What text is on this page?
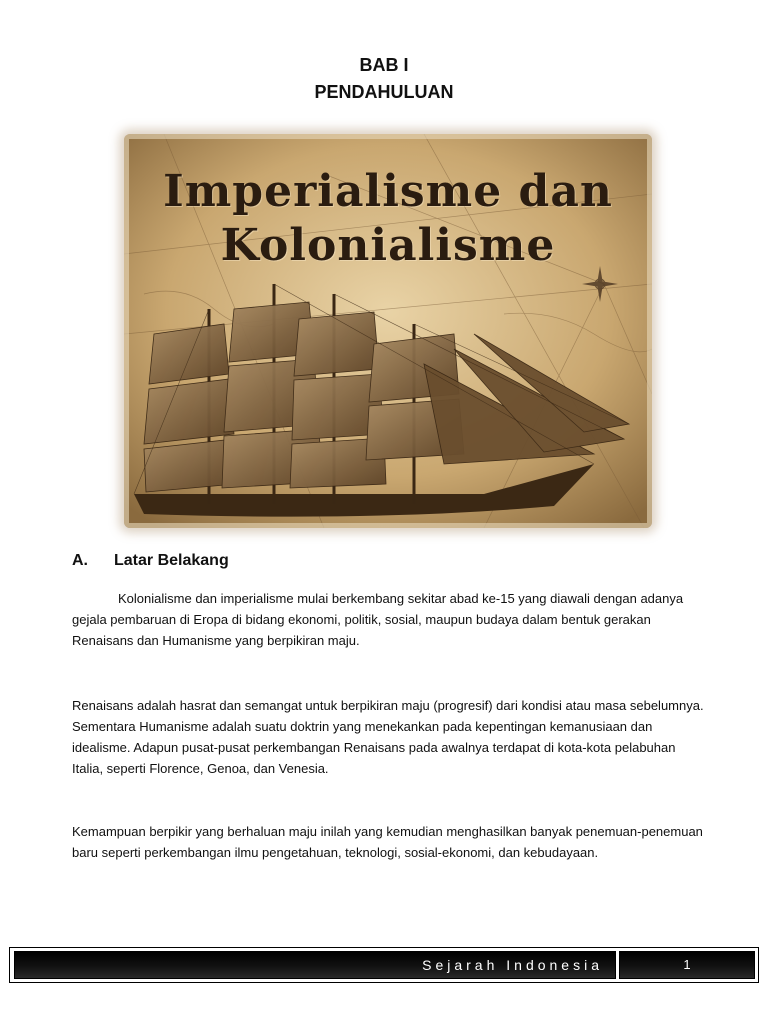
BAB I
PENDAHULUAN
Imperialisme dan
Kolonialisme
A. Latar Belakang
Kolonialisme dan imperialisme mulai berkembang sekitar abad ke-15 yang diawali dengan adanya gejala pembaruan di Eropa di bidang ekonomi, politik, sosial, maupun budaya dalam bentuk gerakan Renaisans dan Humanisme yang berpikiran maju.
Renaisans adalah hasrat dan semangat untuk berpikiran maju (progresif) dari kondisi atau masa sebelumnya. Sementara Humanisme adalah suatu doktrin yang menekankan pada kepentingan kemanusiaan dan idealisme. Adapun pusat-pusat perkembangan Renaisans pada awalnya terdapat di kota-kota pelabuhan Italia, seperti Florence, Genoa, dan Venesia.
Kemampuan berpikir yang berhaluan maju inilah yang kemudian menghasilkan banyak penemuan-penemuan baru seperti perkembangan ilmu pengetahuan, teknologi, sosial-ekonomi, dan kebudayaan.
Sejarah Indonesia	1
